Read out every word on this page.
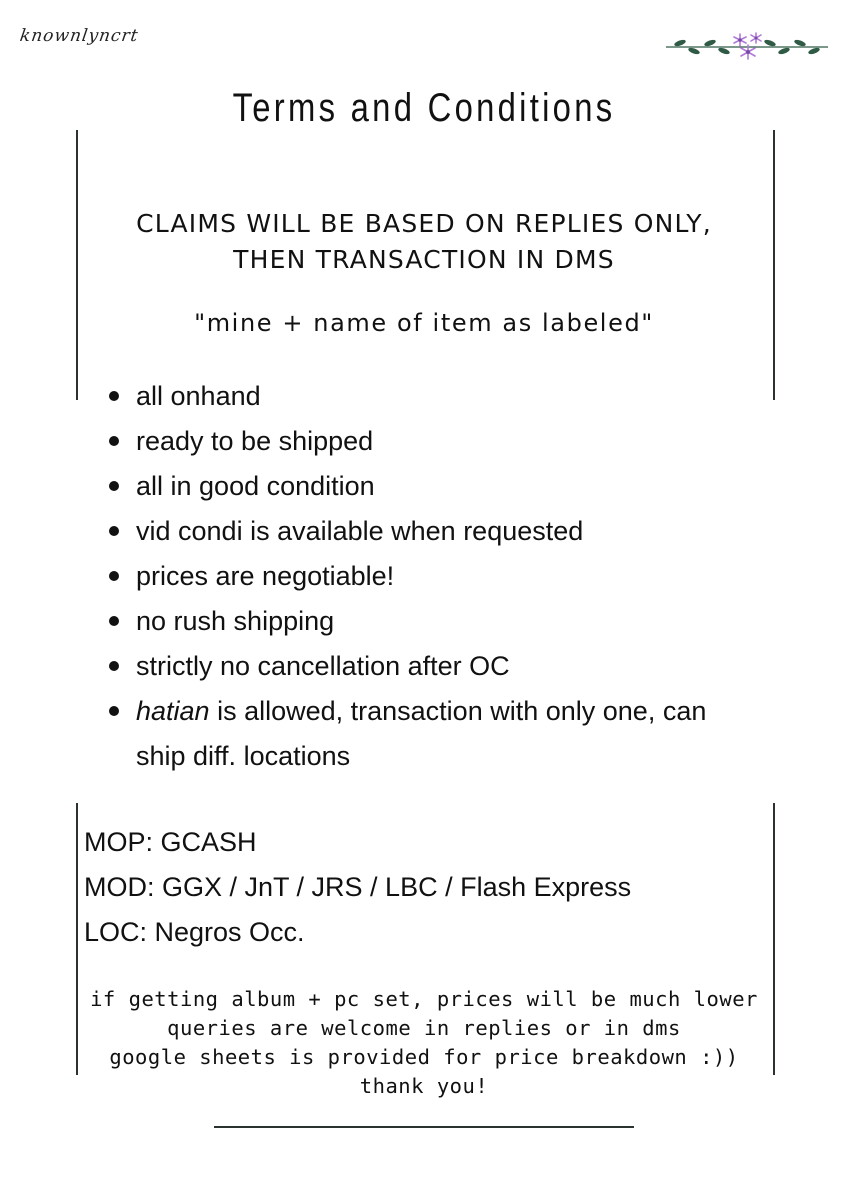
knownlyncrt
Terms and Conditions
CLAIMS WILL BE BASED ON REPLIES ONLY,
THEN TRANSACTION IN DMS
"mine + name of item as labeled"
all onhand
ready to be shipped
all in good condition
vid condi is available when requested
prices are negotiable!
no rush shipping
strictly no cancellation after OC
hatian is allowed, transaction with only one, can
ship diff. locations
MOP: GCASH
MOD: GGX / JnT / JRS / LBC / Flash Express
LOC: Negros Occ.
if getting album + pc set, prices will be much lower
queries are welcome in replies or in dms
google sheets is provided for price breakdown :))
thank you!
